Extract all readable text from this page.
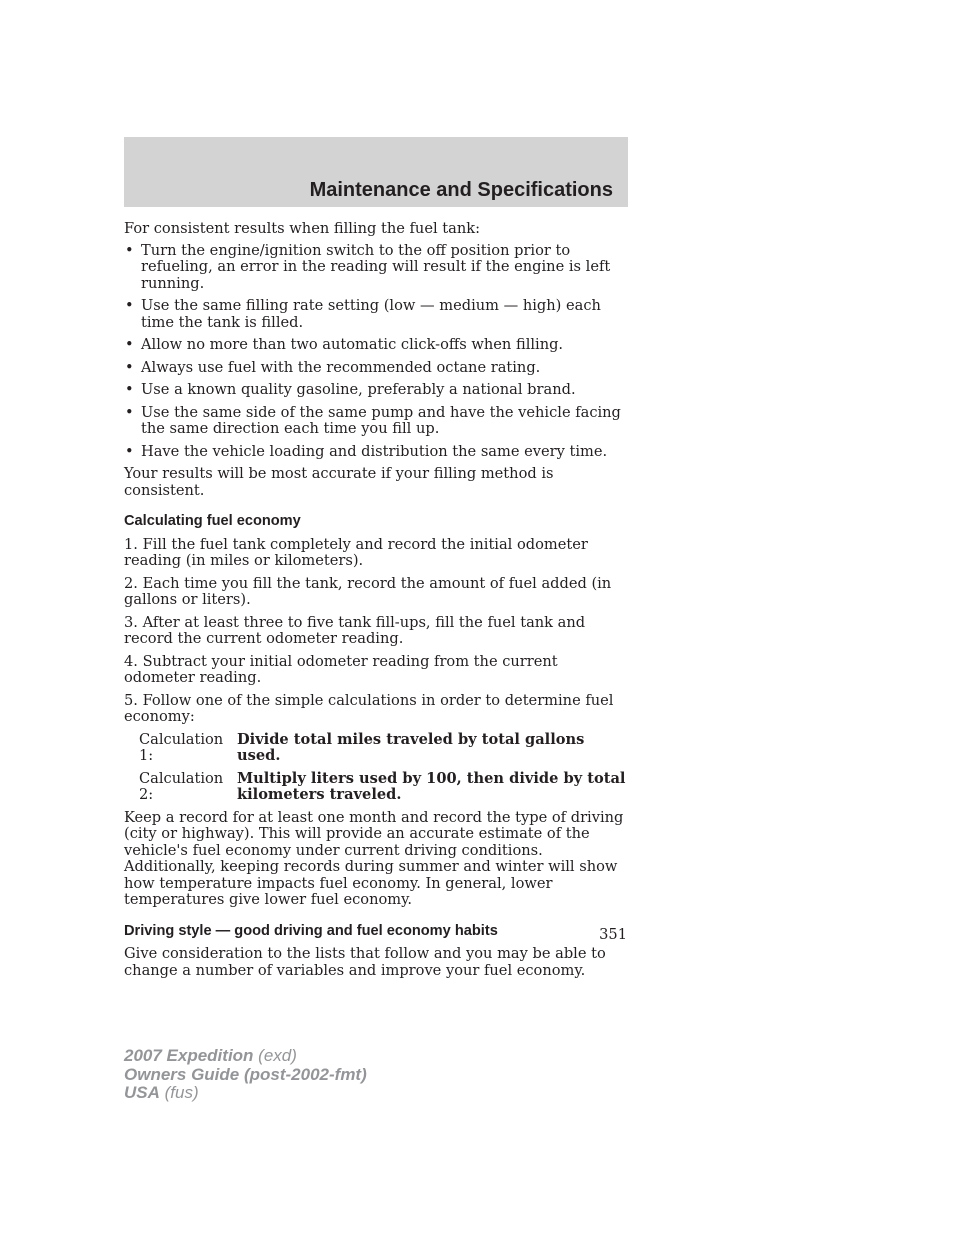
Maintenance and Specifications

For consistent results when filling the fuel tank:

• Turn the engine/ignition switch to the off position prior to refueling, an error in the reading will result if the engine is left running.
• Use the same filling rate setting (low — medium — high) each time the tank is filled.
• Allow no more than two automatic click-offs when filling.
• Always use fuel with the recommended octane rating.
• Use a known quality gasoline, preferably a national brand.
• Use the same side of the same pump and have the vehicle facing the same direction each time you fill up.
• Have the vehicle loading and distribution the same every time.

Your results will be most accurate if your filling method is consistent.

Calculating fuel economy

1. Fill the fuel tank completely and record the initial odometer reading (in miles or kilometers).

2. Each time you fill the tank, record the amount of fuel added (in gallons or liters).

3. After at least three to five tank fill-ups, fill the fuel tank and record the current odometer reading.

4. Subtract your initial odometer reading from the current odometer reading.

5. Follow one of the simple calculations in order to determine fuel economy:

Calculation 1:
Divide total miles traveled by total gallons used.
Calculation 2:
Multiply liters used by 100, then divide by total kilometers traveled.

Keep a record for at least one month and record the type of driving (city or highway). This will provide an accurate estimate of the vehicle's fuel economy under current driving conditions. Additionally, keeping records during summer and winter will show how temperature impacts fuel economy. In general, lower temperatures give lower fuel economy.

Driving style — good driving and fuel economy habits

Give consideration to the lists that follow and you may be able to change a number of variables and improve your fuel economy.

351
2007 Expedition (exd)
Owners Guide (post-2002-fmt)
USA (fus)
